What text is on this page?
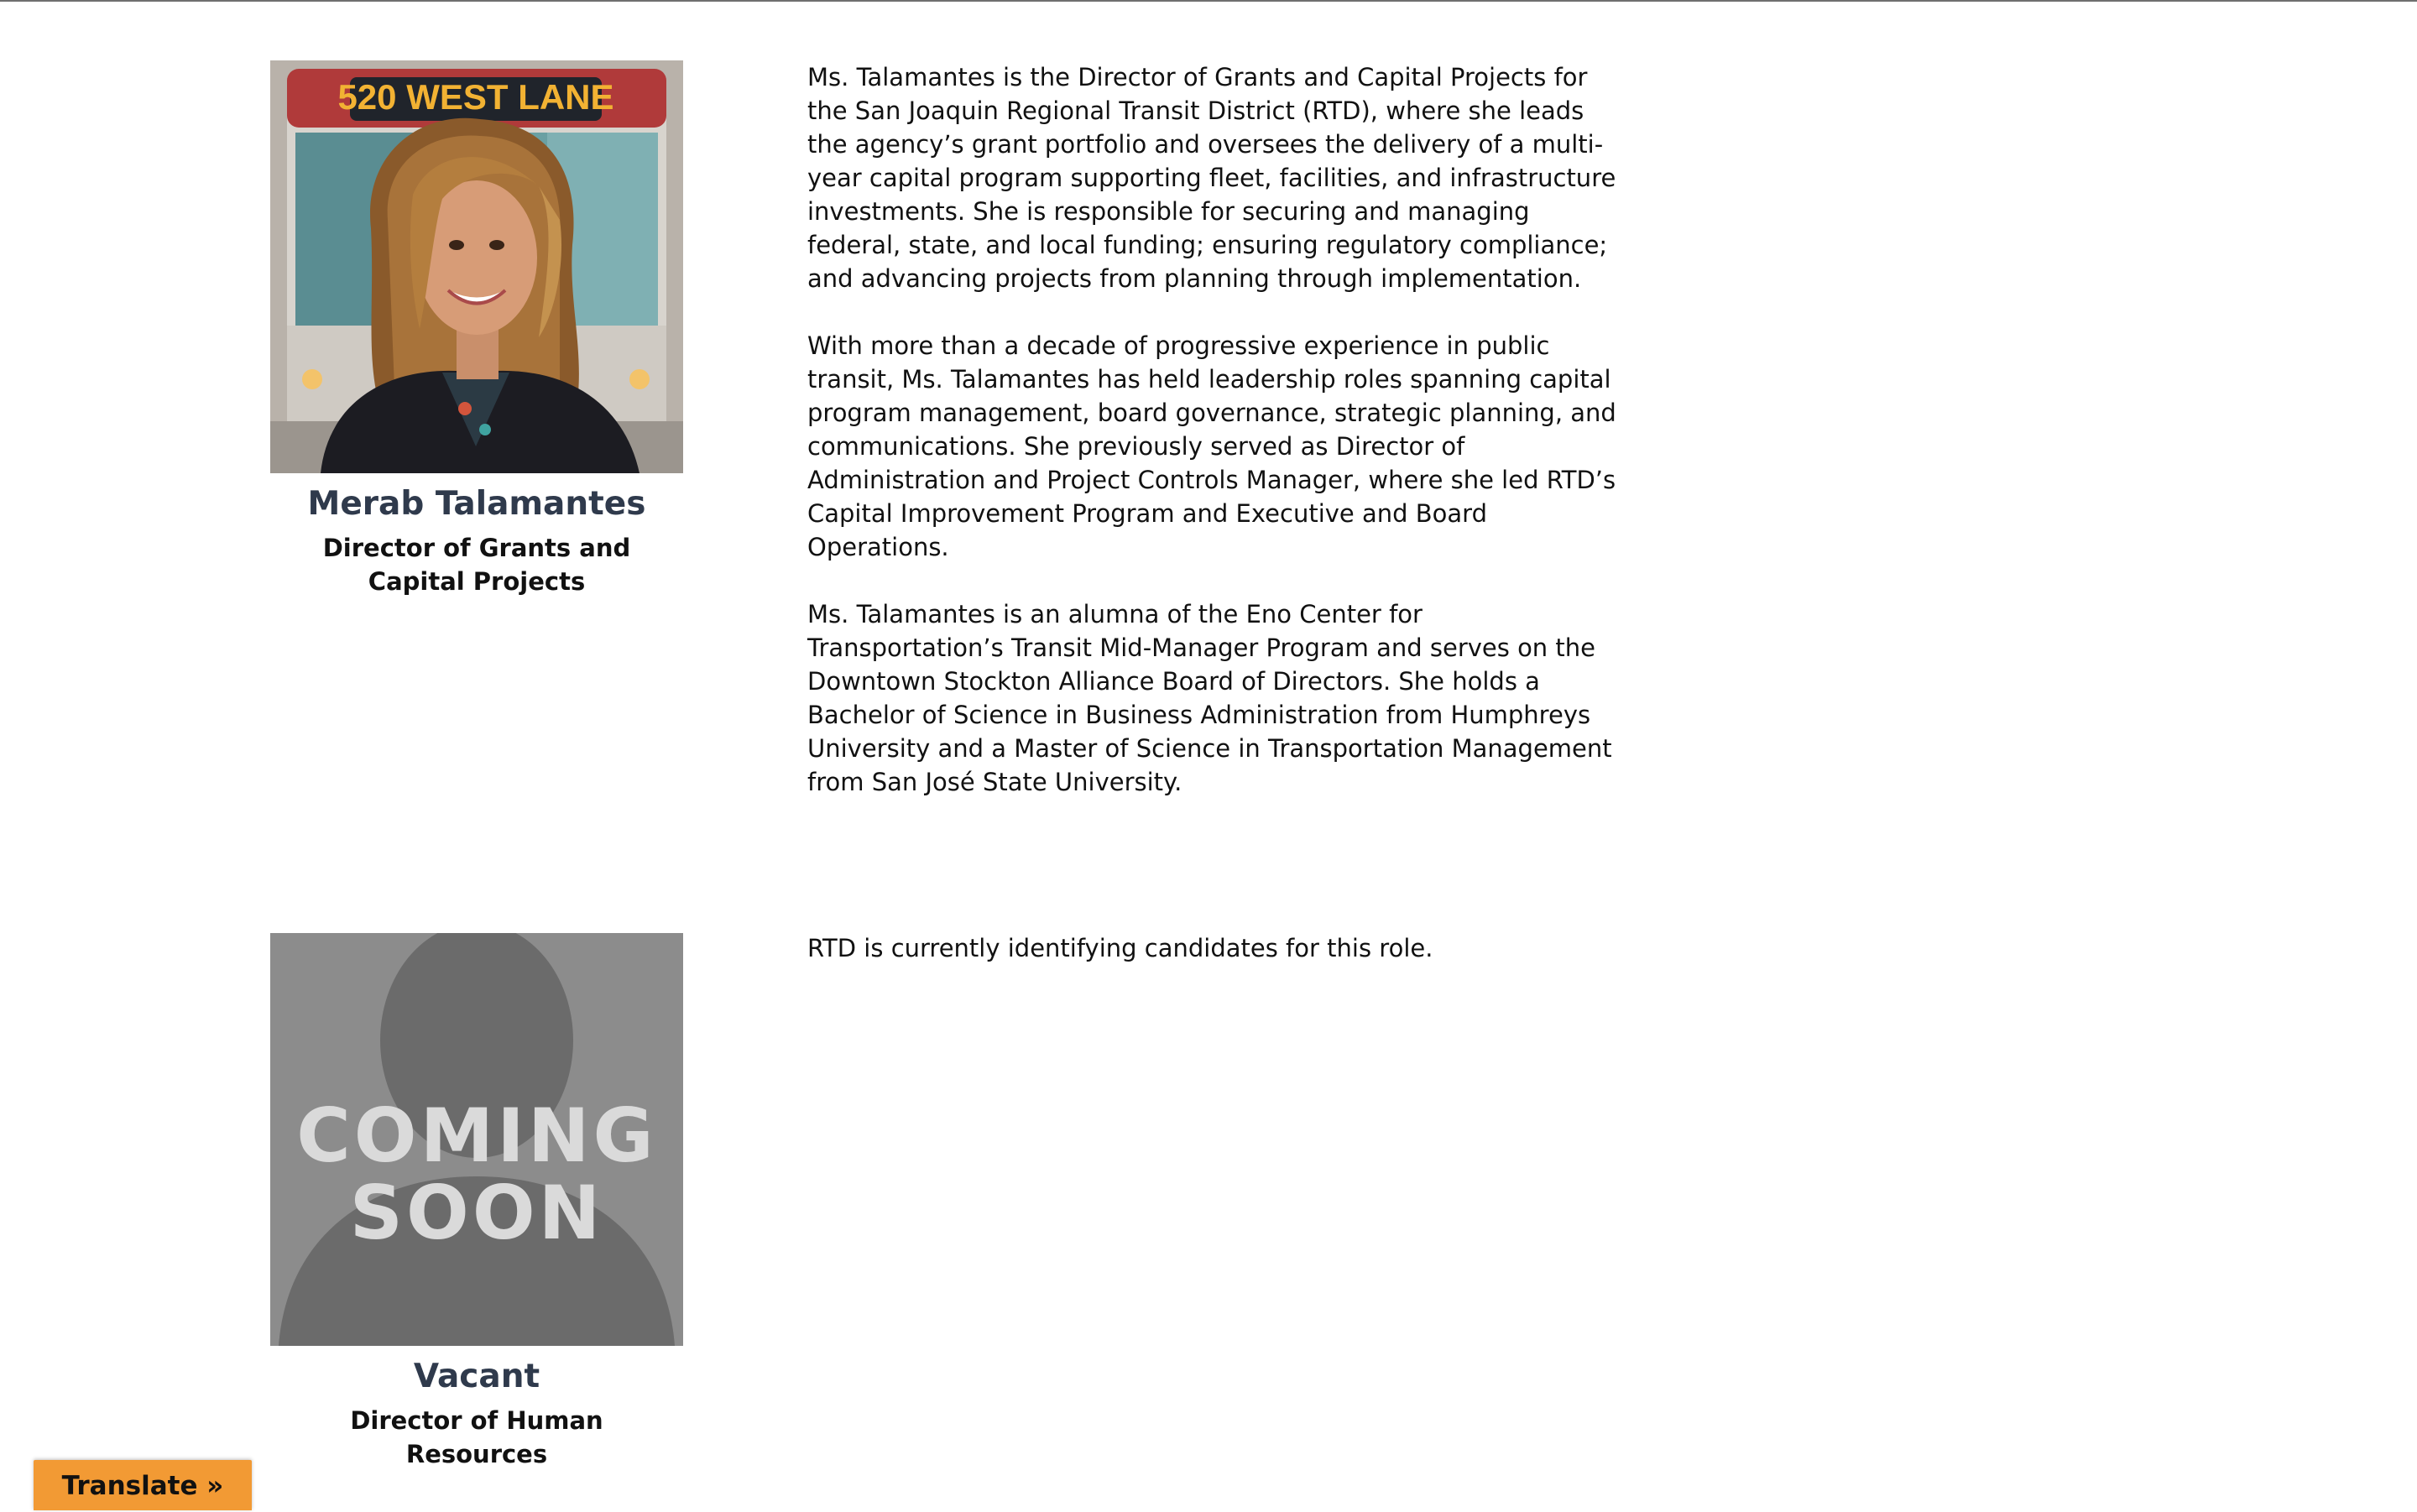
520 WEST LANE
Merab Talamantes
Director of Grants and Capital Projects

Ms. Talamantes is the Director of Grants and Capital Projects for the San Joaquin Regional Transit District (RTD), where she leads the agency’s grant portfolio and oversees the delivery of a multi-year capital program supporting fleet, facilities, and infrastructure investments. She is responsible for securing and managing federal, state, and local funding; ensuring regulatory compliance; and advancing projects from planning through implementation.

With more than a decade of progressive experience in public transit, Ms. Talamantes has held leadership roles spanning capital program management, board governance, strategic planning, and communications. She previously served as Director of Administration and Project Controls Manager, where she led RTD’s Capital Improvement Program and Executive and Board Operations.

Ms. Talamantes is an alumna of the Eno Center for Transportation’s Transit Mid-Manager Program and serves on the Downtown Stockton Alliance Board of Directors. She holds a Bachelor of Science in Business Administration from Humphreys University and a Master of Science in Transportation Management from San José State University.

COMING
SOON
Vacant
Director of Human Resources

RTD is currently identifying candidates for this role.

Translate »
